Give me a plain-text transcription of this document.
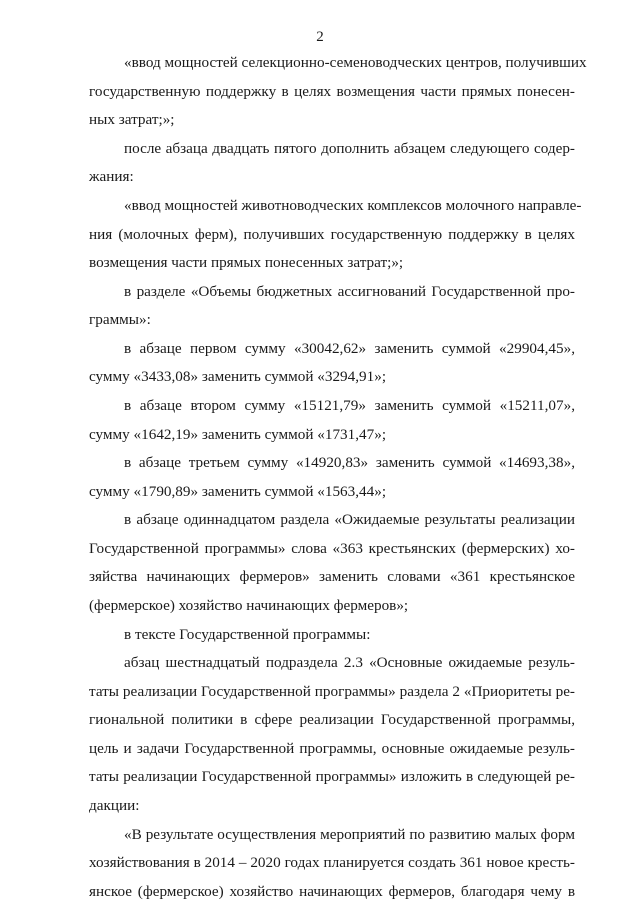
2
«ввод мощностей селекционно-семеноводческих центров, получивших
государственную поддержку в целях возмещения части прямых понесен-
ных затрат;»;
после абзаца двадцать пятого дополнить абзацем следующего содер-
жания:
«ввод мощностей животноводческих комплексов молочного направле-
ния (молочных ферм), получивших государственную поддержку в целях
возмещения части прямых понесенных затрат;»;
в разделе «Объемы бюджетных ассигнований Государственной про-
граммы»:
в абзаце первом сумму «30042,62» заменить суммой «29904,45»,
сумму «3433,08» заменить суммой «3294,91»;
в абзаце втором сумму «15121,79» заменить суммой «15211,07»,
сумму «1642,19» заменить суммой «1731,47»;
в абзаце третьем сумму «14920,83» заменить суммой «14693,38»,
сумму «1790,89» заменить суммой «1563,44»;
в абзаце одиннадцатом раздела «Ожидаемые результаты реализации
Государственной программы» слова «363 крестьянских (фермерских) хо-
зяйства начинающих фермеров» заменить словами «361 крестьянское
(фермерское) хозяйство начинающих фермеров»;
в тексте Государственной программы:
абзац шестнадцатый подраздела 2.3 «Основные ожидаемые резуль-
таты реализации Государственной программы» раздела 2 «Приоритеты ре-
гиональной политики в сфере реализации Государственной программы,
цель и задачи Государственной программы, основные ожидаемые резуль-
таты реализации Государственной программы» изложить в следующей ре-
дакции:
«В результате осуществления мероприятий по развитию малых форм
хозяйствования в 2014 – 2020 годах планируется создать 361 новое кресть-
янское (фермерское) хозяйство начинающих фермеров, благодаря чему в
